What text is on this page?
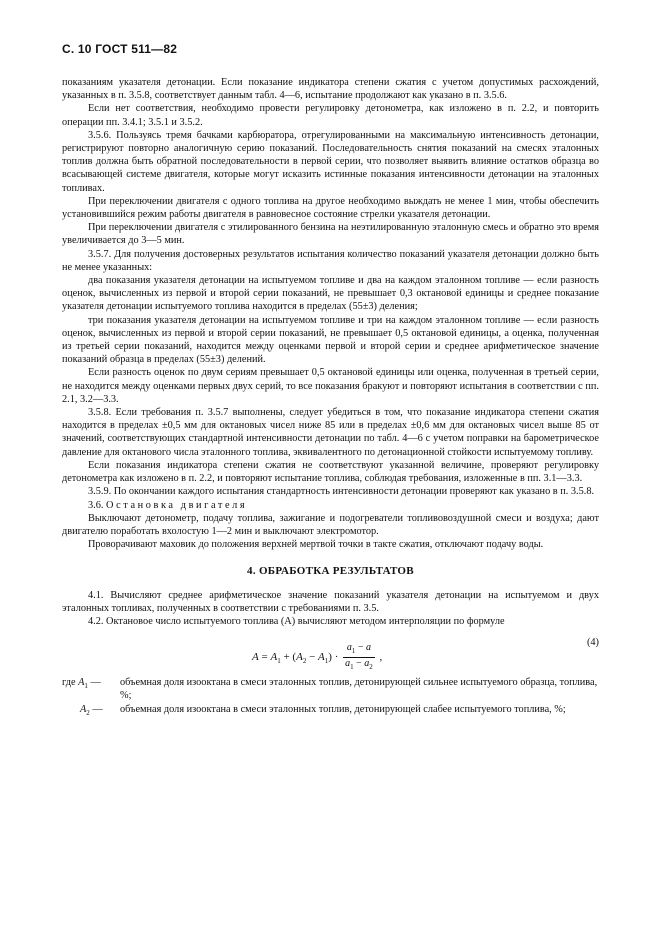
С. 10 ГОСТ 511—82

показаниям указателя детонации. Если показание индикатора степени сжатия с учетом допустимых расхождений, указанных в п. 3.5.8, соответствует данным табл. 4—6, испытание продолжают как указано в п. 3.5.6.

Если нет соответствия, необходимо провести регулировку детонометра, как изложено в п. 2.2, и повторить операции пп. 3.4.1; 3.5.1 и 3.5.2.

3.5.6. Пользуясь тремя бачками карбюратора, отрегулированными на максимальную интенсивность детонации, регистрируют повторно аналогичную серию показаний. Последовательность снятия показаний на смесях эталонных топлив должна быть обратной последовательности в первой серии, что позволяет выявить влияние остатков образца во всасывающей системе двигателя, которые могут исказить истинные показания интенсивности детонации на эталонных топливах.

При переключении двигателя с одного топлива на другое необходимо выждать не менее 1 мин, чтобы обеспечить установившийся режим работы двигателя в равновесное состояние стрелки указателя детонации.

При переключении двигателя с этилированного бензина на неэтилированную эталонную смесь и обратно это время увеличивается до 3—5 мин.

3.5.7. Для получения достоверных результатов испытания количество показаний указателя детонации должно быть не менее указанных:

два показания указателя детонации на испытуемом топливе и два на каждом эталонном топливе — если разность оценок, вычисленных из первой и второй серии показаний, не превышает 0,3 октановой единицы и среднее показание указателя детонации испытуемого топлива находится в пределах (55±3) деления;

три показания указателя детонации на испытуемом топливе и три на каждом эталонном топливе — если разность оценок, вычисленных из первой и второй серии показаний, не превышает 0,5 октановой единицы, а оценка, полученная из третьей серии показаний, находится между оценками первой и второй серии и среднее арифметическое значение показаний образца в пределах (55±3) делений.

Если разность оценок по двум сериям превышает 0,5 октановой единицы или оценка, полученная в третьей серии, не находится между оценками первых двух серий, то все показания бракуют и повторяют испытания в соответствии с пп. 2.1, 3.2—3.3.

3.5.8. Если требования п. 3.5.7 выполнены, следует убедиться в том, что показание индикатора степени сжатия находится в пределах ±0,5 мм для октановых чисел ниже 85 или в пределах ±0,6 мм для октановых чисел выше 85 от значений, соответствующих стандартной интенсивности детонации по табл. 4—6 с учетом поправки на барометрическое давление для октанового числа эталонного топлива, эквивалентного по детонационной стойкости испытуемому топливу.

Если показания индикатора степени сжатия не соответствуют указанной величине, проверяют регулировку детонометра как изложено в п. 2.2, и повторяют испытание топлива, соблюдая требования, изложенные в пп. 3.1—3.3.

3.5.9. По окончании каждого испытания стандартность интенсивности детонации проверяют как указано в п. 3.5.8.

3.6. Остановка двигателя

Выключают детонометр, подачу топлива, зажигание и подогреватели топливовоздушной смеси и воздуха; дают двигателю поработать вхолостую 1—2 мин и выключают электромотор.

Проворачивают маховик до положения верхней мертвой точки в такте сжатия, отключают подачу воды.

4. ОБРАБОТКА РЕЗУЛЬТАТОВ

4.1. Вычисляют среднее арифметическое значение показаний указателя детонации на испытуемом и двух эталонных топливах, полученных в соответствии с требованиями п. 3.5.

4.2. Октановое число испытуемого топлива (A) вычисляют методом интерполяции по формуле

$A = A_1 + (A_2 - A_1) \cdot \frac{a_1 - a}{a_1 - a_2}$ ,
(4)
где $A_1$ —	объемная доля изооктана в смеси эталонных топлив, детонирующей сильнее испытуемого образца, топлива, %;
$A_2$ —	объемная доля изооктана в смеси эталонных топлив, детонирующей слабее испытуемого топлива, %;
